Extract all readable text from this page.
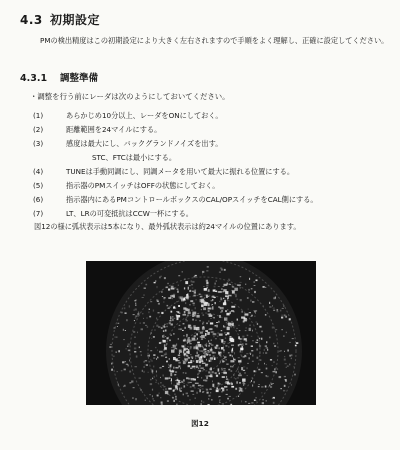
4.3 初期設定
PMの検出精度はこの初期設定により大きく左右されますので手順をよく理解し、正確に設定してください。
4.3.1 調整準備
・調整を行う前にレーダは次のようにしておいてください。
(1)	あらかじめ10分以上、レーダをONにしておく。
(2)	距離範囲を24マイルにする。
(3)	感度は最大にし、バックグランドノイズを出す。
STC、FTCは最小にする。
(4)	TUNEは手動同調にし、同調メータを用いて最大に振れる位置にする。
(5)	指示器のPMスイッチはOFFの状態にしておく。
(6)	指示器内にあるPMコントロールボックスのCAL/OPスイッチをCAL側にする。
(7)	LT、LRの可変抵抗はCCW一杯にする。
図12の様に弧状表示は5本になり、最外弧状表示は約24マイルの位置にあります。
図12
